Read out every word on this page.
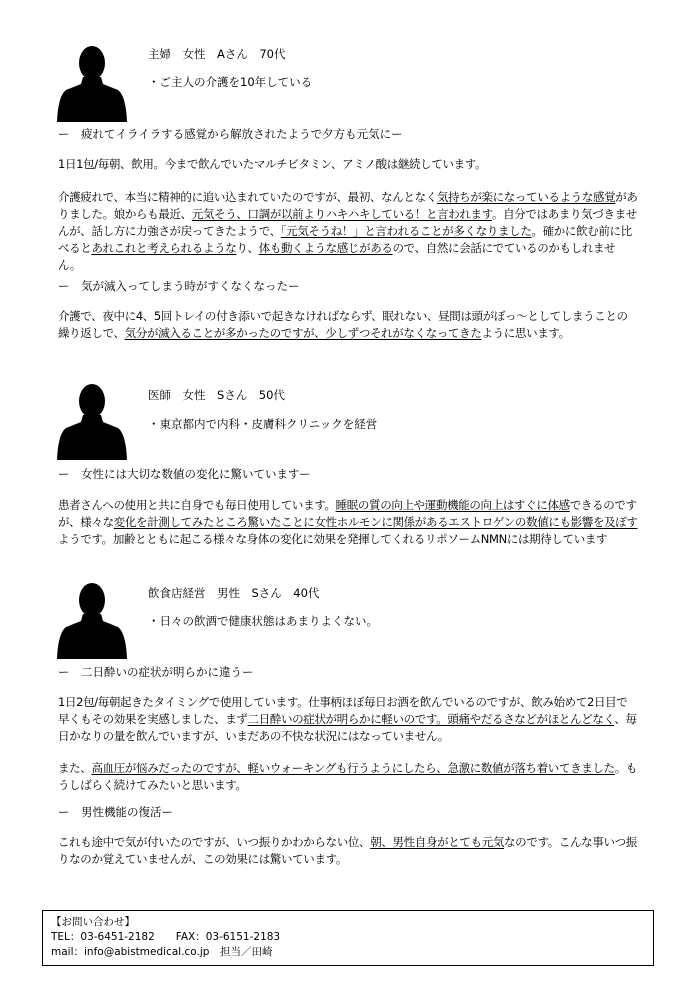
主婦　女性　Aさん　70代
・ご主人の介護を10年している
ー　疲れてイライラする感覚から解放されたようで夕方も元気にー
1日1包/毎朝、飲用。今まで飲んでいたマルチビタミン、アミノ酸は継続しています。
介護疲れで、本当に精神的に追い込まれていたのですが、最初、なんとなく気持ちが楽になっているような感覚がありました。娘からも最近、元気そう、口調が以前よりハキハキしている！と言われます。自分ではあまり気づきませんが、話し方に力強さが戻ってきたようで、「元気そうね！」と言われることが多くなりました。確かに飲む前に比べるとあれこれと考えられるようなり、体も動くような感じがあるので、自然に会話にでているのかもしれません。
ー　気が滅入ってしまう時がすくなくなったー
介護で、夜中に4、5回トレイの付き添いで起きなければならず、眠れない、昼間は頭がぼっ～としてしまうことの繰り返しで、気分が滅入ることが多かったのですが、少しずつそれがなくなってきたように思います。
医師　女性　Sさん　50代
・東京都内で内科・皮膚科クリニックを経営
ー　女性には大切な数値の変化に驚いていますー
患者さんへの使用と共に自身でも毎日使用しています。睡眠の質の向上や運動機能の向上はすぐに体感できるのですが、様々な変化を計測してみたところ驚いたことに女性ホルモンに関係があるエストロゲンの数値にも影響を及ぼすようです。加齢とともに起こる様々な身体の変化に効果を発揮してくれるリポソームNMNには期待しています
飲食店経営　男性　Sさん　40代
・日々の飲酒で健康状態はあまりよくない。
ー　二日酔いの症状が明らかに違うー
1日2包/毎朝起きたタイミングで使用しています。仕事柄ほぼ毎日お酒を飲んでいるのですが、飲み始めて2日目で早くもその効果を実感しました、まず二日酔いの症状が明らかに軽いのです。頭痛やだるさなどがほとんどなく、毎日かなりの量を飲んでいますが、いまだあの不快な状況にはなっていません。
また、高血圧が悩みだったのですが、軽いウォーキングも行うようにしたら、急激に数値が落ち着いてきました。もうしばらく続けてみたいと思います。
ー　男性機能の復活ー
これも途中で気が付いたのですが、いつ振りかわからない位、朝、男性自身がとても元気なのです。こんな事いつ振りなのか覚えていませんが、この効果には驚いています。
【お問い合わせ】
TEL：03-6451-2182　　FAX：03-6151-2183
mail：info@abistmedical.co.jp　担当／田崎
